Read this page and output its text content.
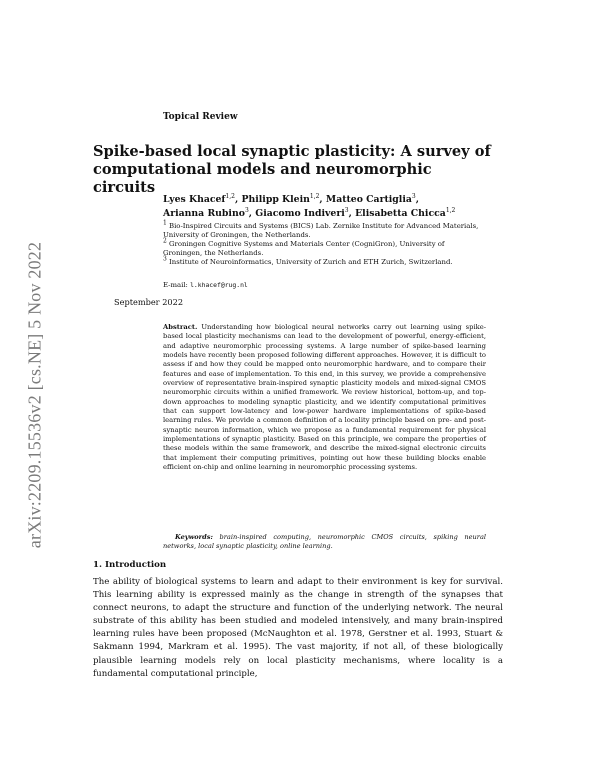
arXiv:2209.15536v2 [cs.NE] 5 Nov 2022
Topical Review
Spike-based local synaptic plasticity: A survey of computational models and neuromorphic circuits
Lyes Khacef$^{1,2}$, Philipp Klein$^{1,2}$, Matteo Cartiglia$^3$,
Arianna Rubino$^3$, Giacomo Indiveri$^3$, Elisabetta Chicca$^{1,2}$
$^1$ Bio-Inspired Circuits and Systems (BICS) Lab. Zernike Institute for Advanced Materials, University of Groningen, the Netherlands.
$^2$ Groningen Cognitive Systems and Materials Center (CogniGron), University of Groningen, the Netherlands.
$^3$ Institute of Neuroinformatics, University of Zurich and ETH Zurich, Switzerland.
E-mail: l.khacef@rug.nl
September 2022
Abstract. Understanding how biological neural networks carry out learning using spike-based local plasticity mechanisms can lead to the development of powerful, energy-efficient, and adaptive neuromorphic processing systems. A large number of spike-based learning models have recently been proposed following different approaches. However, it is difficult to assess if and how they could be mapped onto neuromorphic hardware, and to compare their features and ease of implementation. To this end, in this survey, we provide a comprehensive overview of representative brain-inspired synaptic plasticity models and mixed-signal CMOS neuromorphic circuits within a unified framework. We review historical, bottom-up, and top-down approaches to modeling synaptic plasticity, and we identify computational primitives that can support low-latency and low-power hardware implementations of spike-based learning rules. We provide a common definition of a locality principle based on pre- and post-synaptic neuron information, which we propose as a fundamental requirement for physical implementations of synaptic plasticity. Based on this principle, we compare the properties of these models within the same framework, and describe the mixed-signal electronic circuits that implement their computing primitives, pointing out how these building blocks enable efficient on-chip and online learning in neuromorphic processing systems.
Keywords: brain-inspired computing, neuromorphic CMOS circuits, spiking neural networks, local synaptic plasticity, online learning.
1. Introduction
The ability of biological systems to learn and adapt to their environment is key for survival. This learning ability is expressed mainly as the change in strength of the synapses that connect neurons, to adapt the structure and function of the underlying network. The neural substrate of this ability has been studied and modeled intensively, and many brain-inspired learning rules have been proposed (McNaughton et al. 1978, Gerstner et al. 1993, Stuart & Sakmann 1994, Markram et al. 1995). The vast majority, if not all, of these biologically plausible learning models rely on local plasticity mechanisms, where locality is a fundamental computational principle,
